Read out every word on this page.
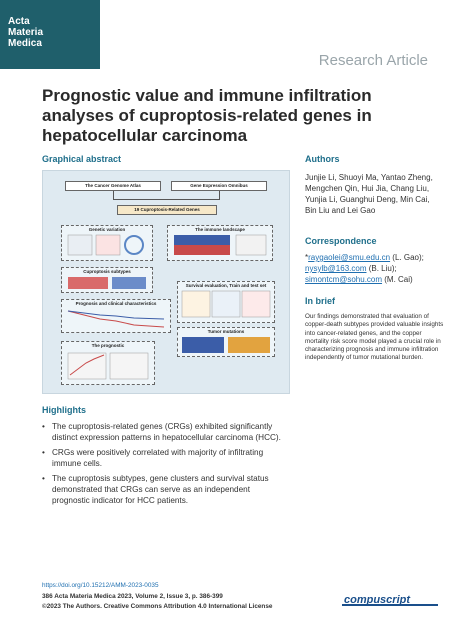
Acta
Materia
Medica
Research Article
Prognostic value and immune infiltration analyses of cuproptosis-related genes in hepatocellular carcinoma
Graphical abstract
The Cancer Genome Atlas	Gene Expression Omnibus
19 Cuproptosis-Related Genes
Genetic variation	The immune landscape
Cuproptosis subtypes
Prognosis and clinical characteristics
Survival evaluation, Train and test set
Tumor mutations
The prognostic
Authors

Junjie Li, Shuoyi Ma, Yantao Zheng, Mengchen Qin, Hui Jia, Chang Liu, Yunjia Li, Guanghui Deng, Min Cai, Bin Liu and Lei Gao

Correspondence
*raygaolei@smu.edu.cn (L. Gao);
nysylb@163.com (B. Liu);
simontcm@sohu.com (M. Cai)
In brief

Our findings demonstrated that evaluation of copper-death subtypes provided valuable insights into cancer-related genes, and the copper mortality risk score model played a crucial role in characterizing prognosis and immune infiltration independently of tumor mutational burden.

Highlights
• The cuproptosis-related genes (CRGs) exhibited significantly distinct expression patterns in hepatocellular carcinoma (HCC).
• CRGs were positively correlated with majority of infiltrating immune cells.
• The cuproptosis subtypes, gene clusters and survival status demonstrated that CRGs can serve as an independent prognostic indicator for HCC patients.
https://doi.org/10.15212/AMM-2023-0035
386 Acta Materia Medica 2023, Volume 2, Issue 3, p. 386-399
©2023 The Authors. Creative Commons Attribution 4.0 International License
compuscript
